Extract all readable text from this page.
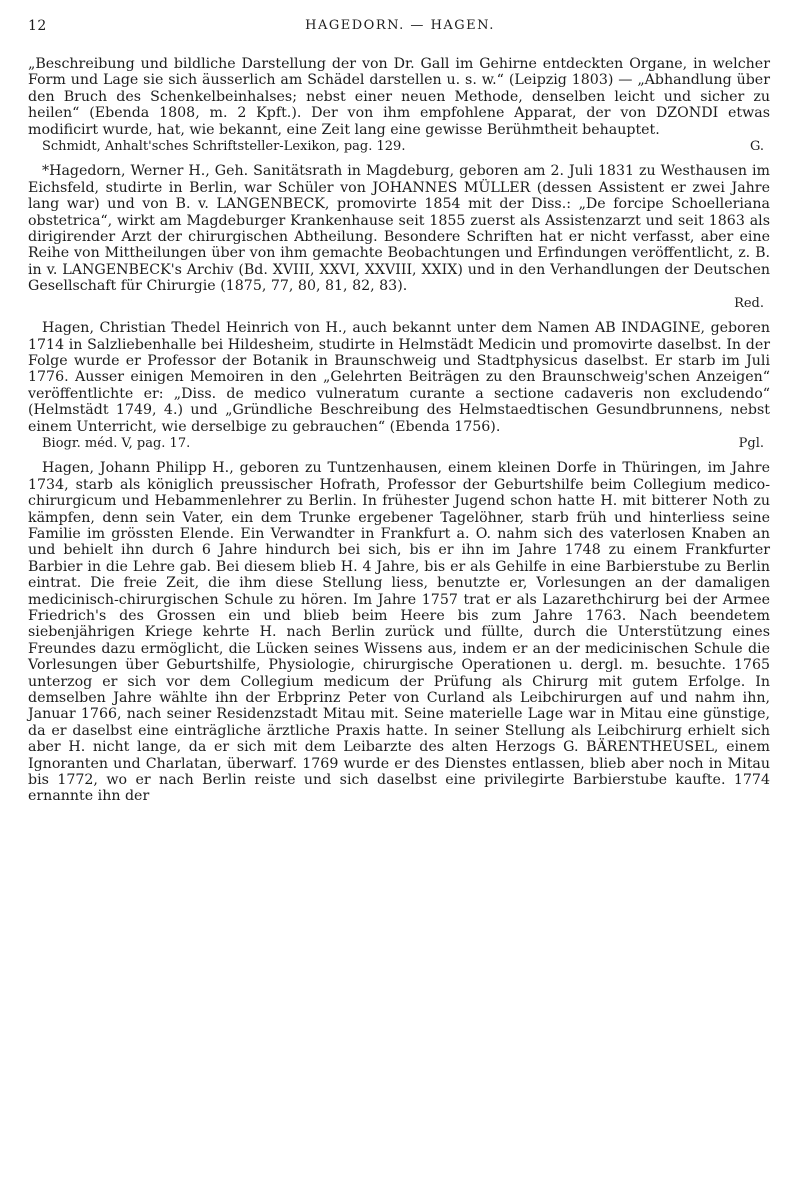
12	HAGEDORN. — HAGEN.

„Beschreibung und bildliche Darstellung der von Dr. Gall im Gehirne entdeckten Organe, in welcher Form und Lage sie sich äusserlich am Schädel darstellen u. s. w.“ (Leipzig 1803) — „Abhandlung über den Bruch des Schenkelbeinhalses; nebst einer neuen Methode, denselben leicht und sicher zu heilen“ (Ebenda 1808, m. 2 Kpft.). Der von ihm empfohlene Apparat, der von DZONDI etwas modificirt wurde, hat, wie bekannt, eine Zeit lang eine gewisse Berühmtheit behauptet.

Schmidt, Anhalt'sches Schriftsteller-Lexikon, pag. 129.	G.

*Hagedorn, Werner H., Geh. Sanitätsrath in Magdeburg, geboren am 2. Juli 1831 zu Westhausen im Eichsfeld, studirte in Berlin, war Schüler von JOHANNES MÜLLER (dessen Assistent er zwei Jahre lang war) und von B. v. LANGENBECK, promovirte 1854 mit der Diss.: „De forcipe Schoelleriana obstetrica“, wirkt am Magdeburger Krankenhause seit 1855 zuerst als Assistenzarzt und seit 1863 als dirigirender Arzt der chirurgischen Abtheilung. Besondere Schriften hat er nicht verfasst, aber eine Reihe von Mittheilungen über von ihm gemachte Beobachtungen und Erfindungen veröffentlicht, z. B. in v. LANGENBECK's Archiv (Bd. XVIII, XXVI, XXVIII, XXIX) und in den Verhandlungen der Deutschen Gesellschaft für Chirurgie (1875, 77, 80, 81, 82, 83).

Red.

Hagen, Christian Thedel Heinrich von H., auch bekannt unter dem Namen AB INDAGINE, geboren 1714 in Salzliebenhalle bei Hildesheim, studirte in Helmstädt Medicin und promovirte daselbst. In der Folge wurde er Professor der Botanik in Braunschweig und Stadtphysicus daselbst. Er starb im Juli 1776. Ausser einigen Memoiren in den „Gelehrten Beiträgen zu den Braunschweig'schen Anzeigen“ veröffentlichte er: „Diss. de medico vulneratum curante a sectione cadaveris non excludendo“ (Helmstädt 1749, 4.) und „Gründliche Beschreibung des Helmstaedtischen Gesundbrunnens, nebst einem Unterricht, wie derselbige zu gebrauchen“ (Ebenda 1756).

Biogr. méd. V, pag. 17.	Pgl.

Hagen, Johann Philipp H., geboren zu Tuntzenhausen, einem kleinen Dorfe in Thüringen, im Jahre 1734, starb als königlich preussischer Hofrath, Professor der Geburtshilfe beim Collegium medico-chirurgicum und Hebammenlehrer zu Berlin. In frühester Jugend schon hatte H. mit bitterer Noth zu kämpfen, denn sein Vater, ein dem Trunke ergebener Tagelöhner, starb früh und hinterliess seine Familie im grössten Elende. Ein Verwandter in Frankfurt a. O. nahm sich des vaterlosen Knaben an und behielt ihn durch 6 Jahre hindurch bei sich, bis er ihn im Jahre 1748 zu einem Frankfurter Barbier in die Lehre gab. Bei diesem blieb H. 4 Jahre, bis er als Gehilfe in eine Barbierstube zu Berlin eintrat. Die freie Zeit, die ihm diese Stellung liess, benutzte er, Vorlesungen an der damaligen medicinisch-chirurgischen Schule zu hören. Im Jahre 1757 trat er als Lazarethchirurg bei der Armee Friedrich's des Grossen ein und blieb beim Heere bis zum Jahre 1763. Nach beendetem siebenjährigen Kriege kehrte H. nach Berlin zurück und füllte, durch die Unterstützung eines Freundes dazu ermöglicht, die Lücken seines Wissens aus, indem er an der medicinischen Schule die Vorlesungen über Geburtshilfe, Physiologie, chirurgische Operationen u. dergl. m. besuchte. 1765 unterzog er sich vor dem Collegium medicum der Prüfung als Chirurg mit gutem Erfolge. In demselben Jahre wählte ihn der Erbprinz Peter von Curland als Leibchirurgen auf und nahm ihn, Januar 1766, nach seiner Residenzstadt Mitau mit. Seine materielle Lage war in Mitau eine günstige, da er daselbst eine einträgliche ärztliche Praxis hatte. In seiner Stellung als Leibchirurg erhielt sich aber H. nicht lange, da er sich mit dem Leibarzte des alten Herzogs G. BÄRENTHEUSEL, einem Ignoranten und Charlatan, überwarf. 1769 wurde er des Dienstes entlassen, blieb aber noch in Mitau bis 1772, wo er nach Berlin reiste und sich daselbst eine privilegirte Barbierstube kaufte. 1774 ernannte ihn der
